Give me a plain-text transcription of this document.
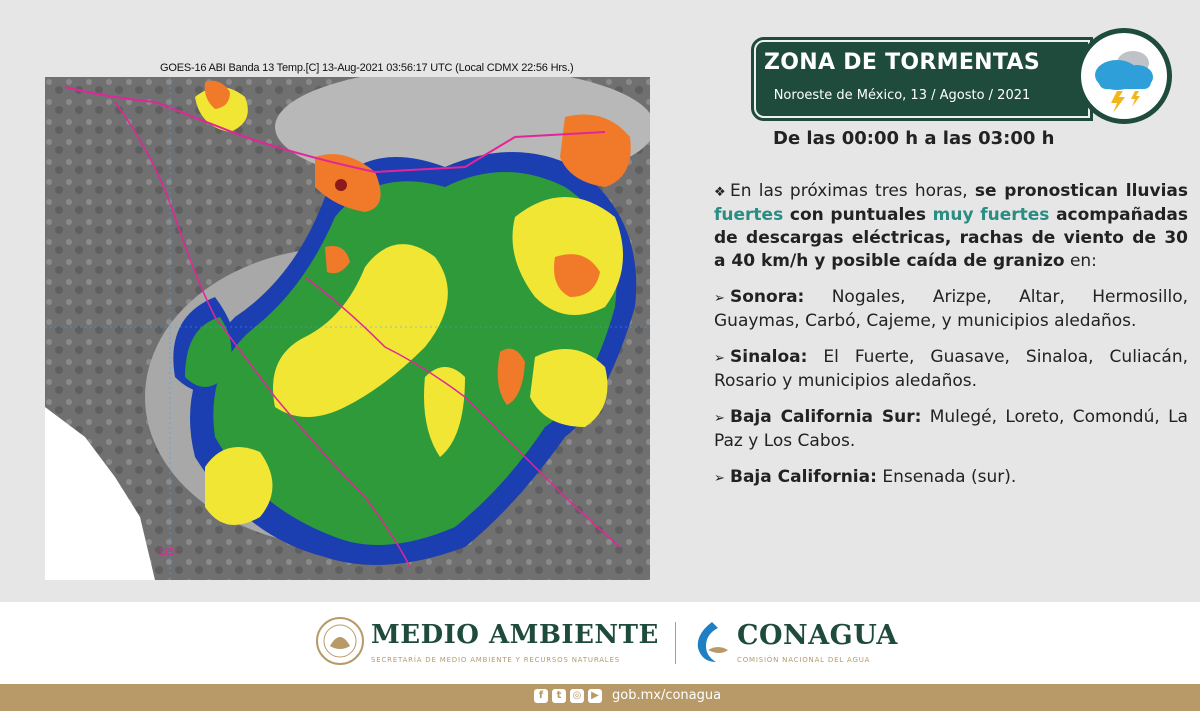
GOES-16 ABI Banda 13 Temp.[C] 13-Aug-2021 03:56:17 UTC (Local CDMX 22:56 Hrs.)
-115°
ZONA DE TORMENTAS
Noroeste de México, 13 / Agosto / 2021
De las 00:00 h a las 03:00 h

❖ En las próximas tres horas, se pronostican lluvias fuertes con puntuales muy fuertes acompañadas de descargas eléctricas, rachas de viento de 30 a 40 km/h y posible caída de granizo en:

➢ Sonora: Nogales, Arizpe, Altar, Hermosillo, Guaymas, Carbó, Cajeme, y municipios aledaños.

➢ Sinaloa: El Fuerte, Guasave, Sinaloa, Culiacán, Rosario y municipios aledaños.

➢ Baja California Sur: Mulegé, Loreto, Comondú, La Paz y Los Cabos.

➢ Baja California: Ensenada (sur).

MEDIO AMBIENTE
SECRETARÍA DE MEDIO AMBIENTE Y RECURSOS NATURALES
CONAGUA
COMISIÓN NACIONAL DEL AGUA
f	t	◎ ▶ gob.mx/conagua
